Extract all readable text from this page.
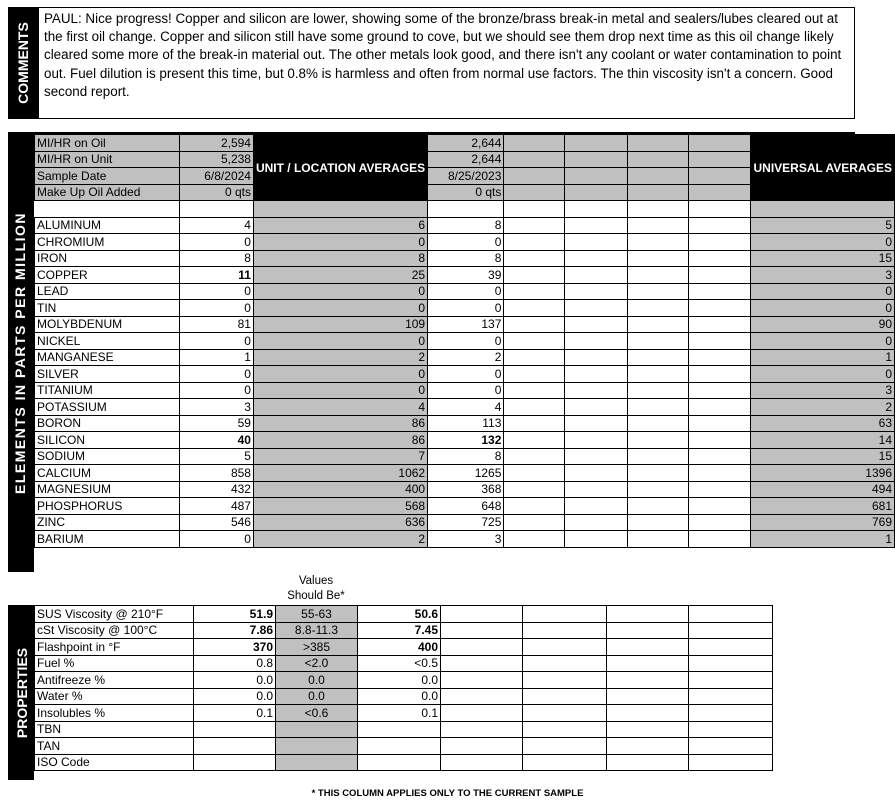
COMMENTS
PAUL: Nice progress! Copper and silicon are lower, showing some of the bronze/brass break-in metal and sealers/lubes cleared out at the first oil change. Copper and silicon still have some ground to cove, but we should see them drop next time as this oil change likely cleared some more of the break-in material out. The other metals look good, and there isn't any coolant or water contamination to point out. Fuel dilution is present this time, but 0.8% is harmless and often from normal use factors. The thin viscosity isn't a concern. Good second report.
ELEMENTS IN PARTS PER MILLION
MI/HR on Oil	2,594	UNIT / LOCATION AVERAGES	2,644					UNIVERSAL AVERAGES
MI/HR on Unit	5,238		2,644					
Sample Date	6/8/2024		8/25/2023					
Make Up Oil Added	0 qts		0 qts					

ALUMINUM	4	6	8					5
CHROMIUM	0	0	0					0
IRON	8	8	8					15
COPPER	11	25	39					3
LEAD	0	0	0					0
TIN	0	0	0					0
MOLYBDENUM	81	109	137					90
NICKEL	0	0	0					0
MANGANESE	1	2	2					1
SILVER	0	0	0					0
TITANIUM	0	0	0					3
POTASSIUM	3	4	4					2
BORON	59	86	113					63
SILICON	40	86	132					14
SODIUM	5	7	8					15
CALCIUM	858	1062	1265					1396
MAGNESIUM	432	400	368					494
PHOSPHORUS	487	568	648					681
ZINC	546	636	725					769
BARIUM	0	2	3					1
Values
Should Be*
PROPERTIES
SUS Viscosity @ 210°F	51.9	55-63	50.6				
cSt Viscosity @ 100°C	7.86	8.8-11.3	7.45				
Flashpoint in °F	370	>385	400				
Fuel %	0.8	<2.0	<0.5				
Antifreeze %	0.0	0.0	0.0				
Water %	0.0	0.0	0.0				
Insolubles %	0.1	<0.6	0.1				
TBN							
TAN							
ISO Code							
* THIS COLUMN APPLIES ONLY TO THE CURRENT SAMPLE
